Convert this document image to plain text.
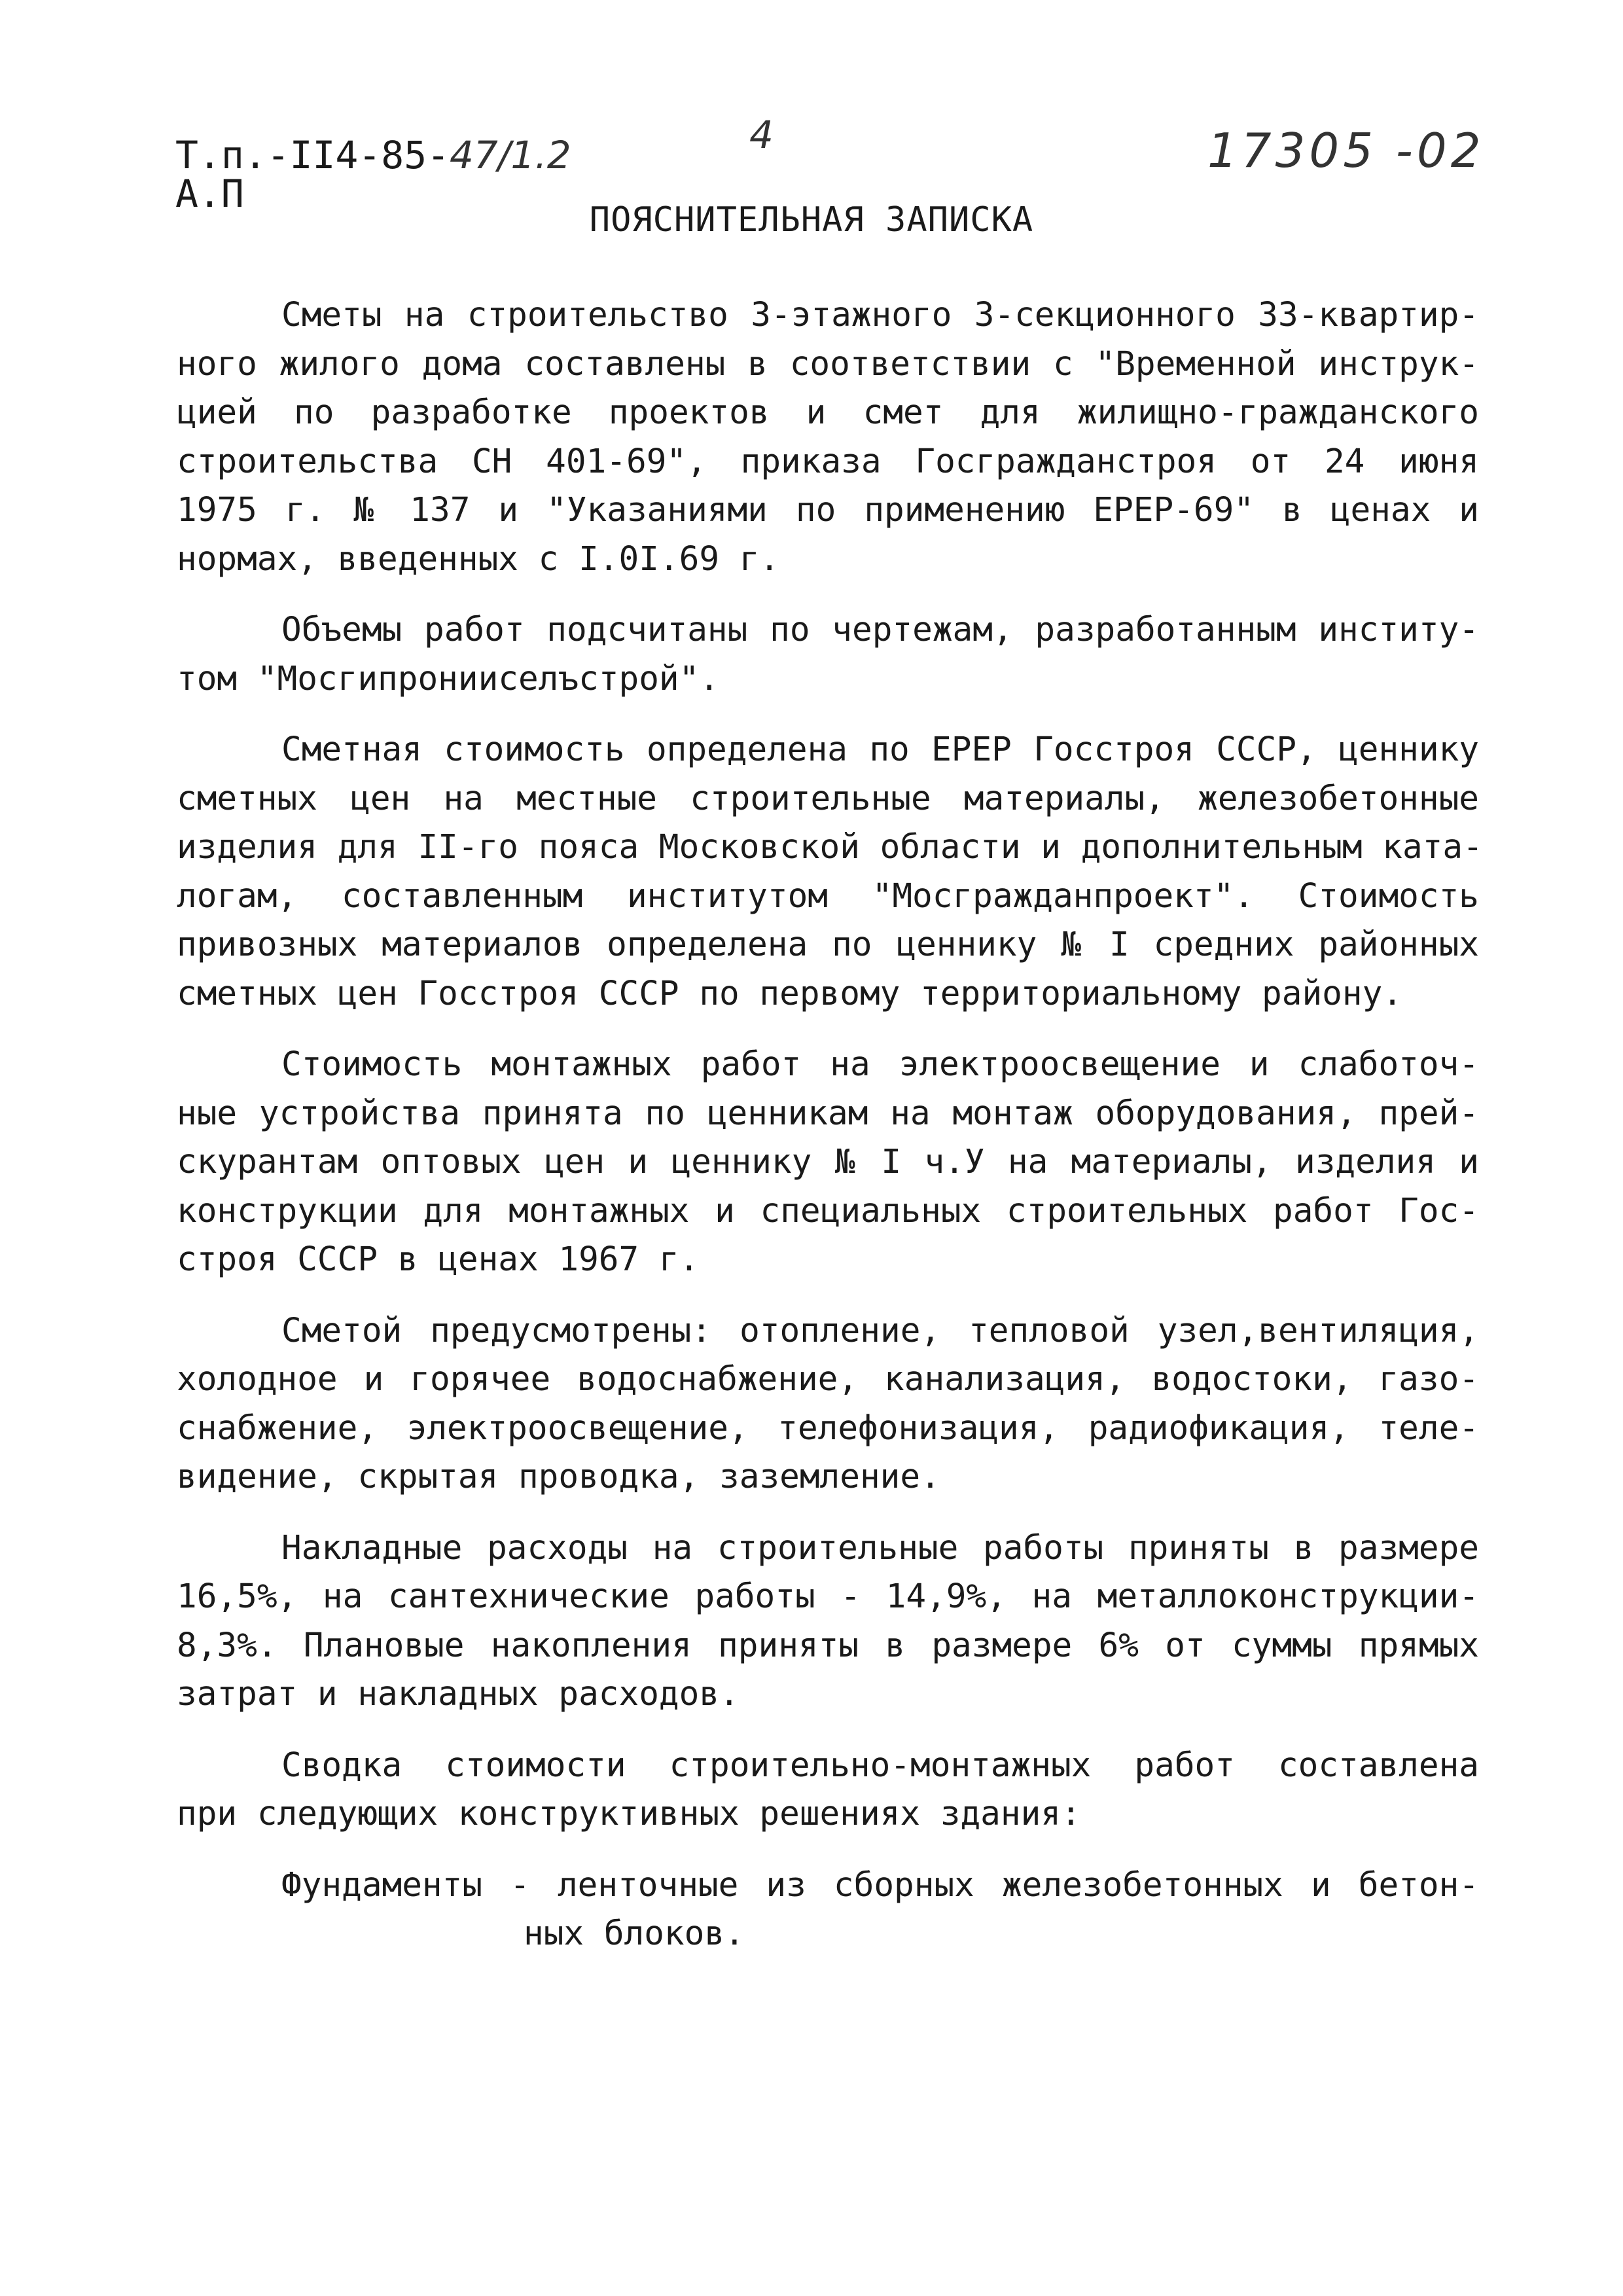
Т.п.-II4-85-47/1.2
А.П
4	17305 -02
ПОЯСНИТЕЛЬНАЯ ЗАПИСКА

Сметы на строительство 3-этажного 3-секционного 33-квартир-
ного жилого дома составлены в соответствии с "Временной инструк-
цией по разработке проектов и смет для жилищно-гражданского
строительства СН 401-69", приказа Госгражданстроя от 24 июня
1975 г. № 137 и "Указаниями по применению ЕРЕР-69" в ценах и
нормах, введенных с I.0I.69 г.

Объемы работ подсчитаны по чертежам, разработанным институ-
том "Мосгипронииселъстрой".

Сметная стоимость определена по ЕРЕР Госстроя СССР, ценнику
сметных цен на местные строительные материалы, железобетонные
изделия для II-го пояса Московской области и дополнительным ката-
логам, составленным институтом "Мосгражданпроект". Стоимость
привозных материалов определена по ценнику № I средних районных
сметных цен Госстроя СССР по первому территориальному району.

Стоимость монтажных работ на электроосвещение и слаботоч-
ные устройства принята по ценникам на монтаж оборудования, прей-
скурантам оптовых цен и ценнику № I ч.У на материалы, изделия и
конструкции для монтажных и специальных строительных работ Гос-
строя СССР в ценах 1967 г.

Сметой предусмотрены: отопление, тепловой узел,вентиляция,
холодное и горячее водоснабжение, канализация, водостоки, газо-
снабжение, электроосвещение, телефонизация, радиофикация, теле-
видение, скрытая проводка, заземление.

Накладные расходы на строительные работы приняты в размере
16,5%, на сантехнические работы - 14,9%, на металлоконструкции-
8,3%. Плановые накопления приняты в размере 6% от суммы прямых
затрат и накладных расходов.

Сводка стоимости строительно-монтажных работ составлена
при следующих конструктивных решениях здания:

Фундаменты - ленточные из сборных железобетонных и бетон-
ных блоков.
